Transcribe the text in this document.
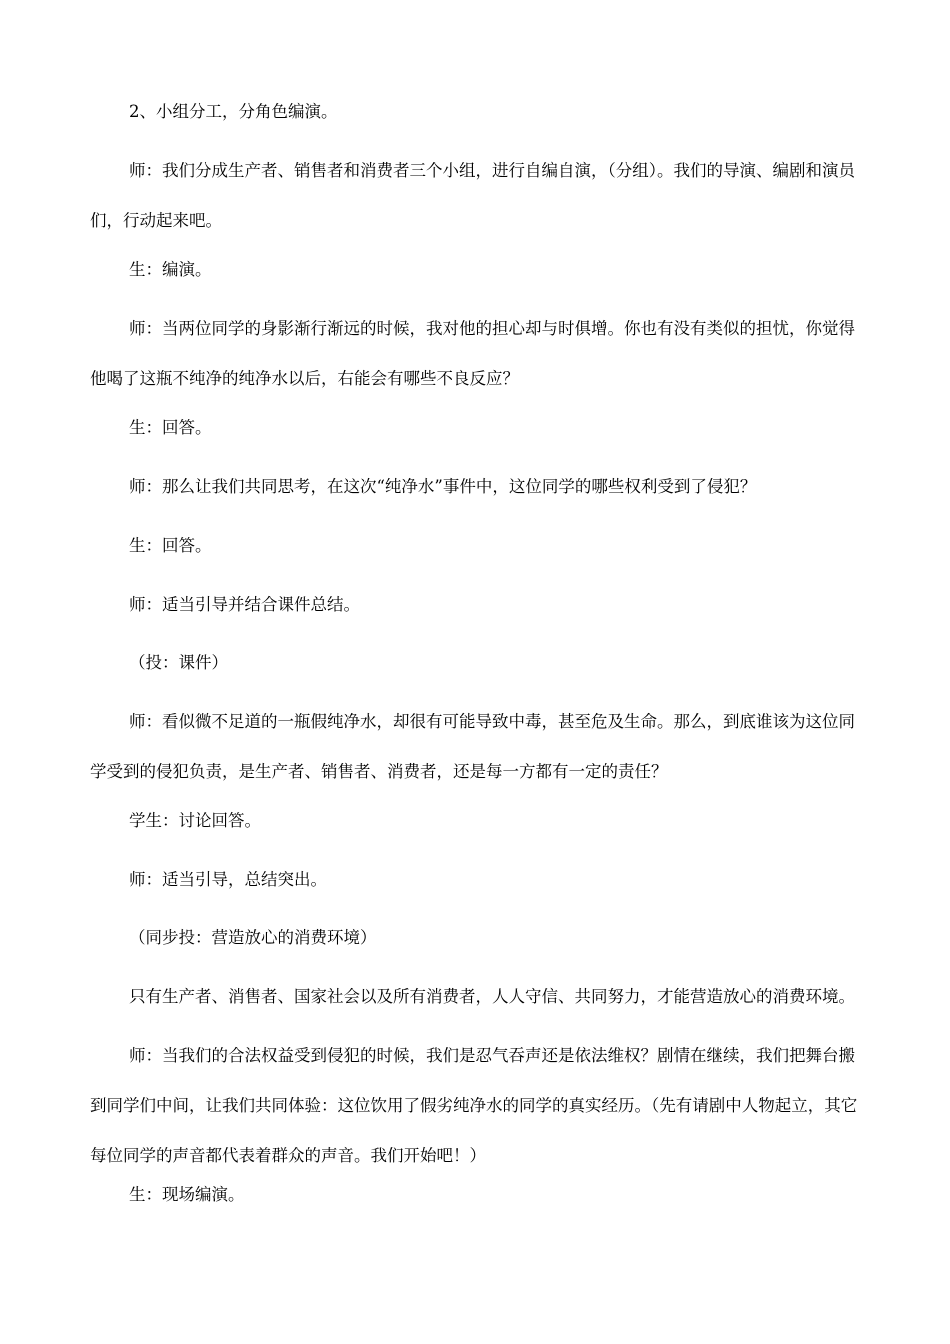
2、小组分工，分角色编演。

师：我们分成生产者、销售者和消费者三个小组，进行自编自演，（分组）。我们的导演、编剧和演员们，行动起来吧。

生：编演。

师：当两位同学的身影渐行渐远的时候，我对他的担心却与时俱增。你也有没有类似的担忧，你觉得他喝了这瓶不纯净的纯净水以后，右能会有哪些不良反应？

生：回答。

师：那么让我们共同思考，在这次“纯净水”事件中，这位同学的哪些权利受到了侵犯？

生：回答。

师：适当引导并结合课件总结。

（投：课件）

师：看似微不足道的一瓶假纯净水，却很有可能导致中毒，甚至危及生命。那么，到底谁该为这位同学受到的侵犯负责，是生产者、销售者、消费者，还是每一方都有一定的责任？

学生：讨论回答。

师：适当引导，总结突出。

（同步投：营造放心的消费环境）

只有生产者、消售者、国家社会以及所有消费者，人人守信、共同努力，才能营造放心的消费环境。

师：当我们的合法权益受到侵犯的时候，我们是忍气吞声还是依法维权？剧情在继续，我们把舞台搬到同学们中间，让我们共同体验：这位饮用了假劣纯净水的同学的真实经历。（先有请剧中人物起立，其它每位同学的声音都代表着群众的声音。我们开始吧！）

生：现场编演。
